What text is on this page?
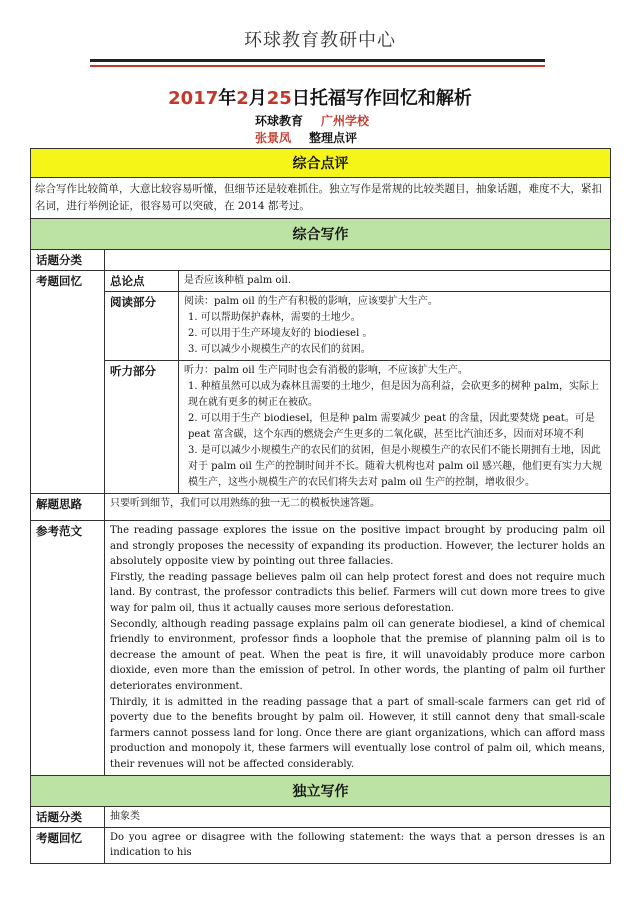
环球教育教研中心
2017年2月25日托福写作回忆和解析
环球教育 广州学校
张景凤 整理点评
综合点评		
综合写作比较简单，大意比较容易听懂，但细节还是较难抓住。独立写作是常规的比较类题目，抽象话题，难度不大，紧扣名词，进行举例论证，很容易可以突破，在 2014 都考过。		
综合写作		
话题分类		
考题回忆	总论点	是否应该种植 palm oil.
	阅读部分	阅读：palm oil 的生产有积极的影响，应该要扩大生产。

1. 可以帮助保护森林，需要的土地少。

2. 可以用于生产环境友好的 biodiesel 。

3. 可以减少小规模生产的农民们的贫困。

	听力部分	听力：palm oil 生产同时也会有消极的影响，不应该扩大生产。

1. 种植虽然可以成为森林且需要的土地少，但是因为高利益，会砍更多的树种 palm，实际上现在就有更多的树正在被砍。

2. 可以用于生产 biodiesel，但是种 palm 需要减少 peat 的含量，因此要焚烧 peat。可是 peat 富含碳，这个东西的燃烧会产生更多的二氧化碳，甚至比汽油还多，因而对环境不利

3. 是可以减少小规模生产的农民们的贫困，但是小规模生产的农民们不能长期拥有土地，因此对于 palm oil 生产的控制时间并不长。随着大机构也对 palm oil 感兴趣，他们更有实力大规模生产，这些小规模生产的农民们将失去对 palm oil 生产的控制，增收很少。

解题思路	只要听到细节，我们可以用熟练的独一无二的模板快速答题。	
参考范文	The reading passage explores the issue on the positive impact brought by producing palm oil and strongly proposes the necessity of expanding its production. However, the lecturer holds an absolutely opposite view by pointing out three fallacies.

Firstly, the reading passage believes palm oil can help protect forest and does not require much land. By contrast, the professor contradicts this belief. Farmers will cut down more trees to give way for palm oil, thus it actually causes more serious deforestation.

Secondly, although reading passage explains palm oil can generate biodiesel, a kind of chemical friendly to environment, professor finds a loophole that the premise of planning palm oil is to decrease the amount of peat. When the peat is fire, it will unavoidably produce more carbon dioxide, even more than the emission of petrol. In other words, the planting of palm oil further deteriorates environment.

Thirdly, it is admitted in the reading passage that a part of small-scale farmers can get rid of poverty due to the benefits brought by palm oil. However, it still cannot deny that small-scale farmers cannot possess land for long. Once there are giant organizations, which can afford mass production and monopoly it, these farmers will eventually lose control of palm oil, which means, their revenues will not be affected considerably.	

独立写作		
话题分类	抽象类	
考题回忆	Do you agree or disagree with the following statement: the ways that a person dresses is an indication to his	
